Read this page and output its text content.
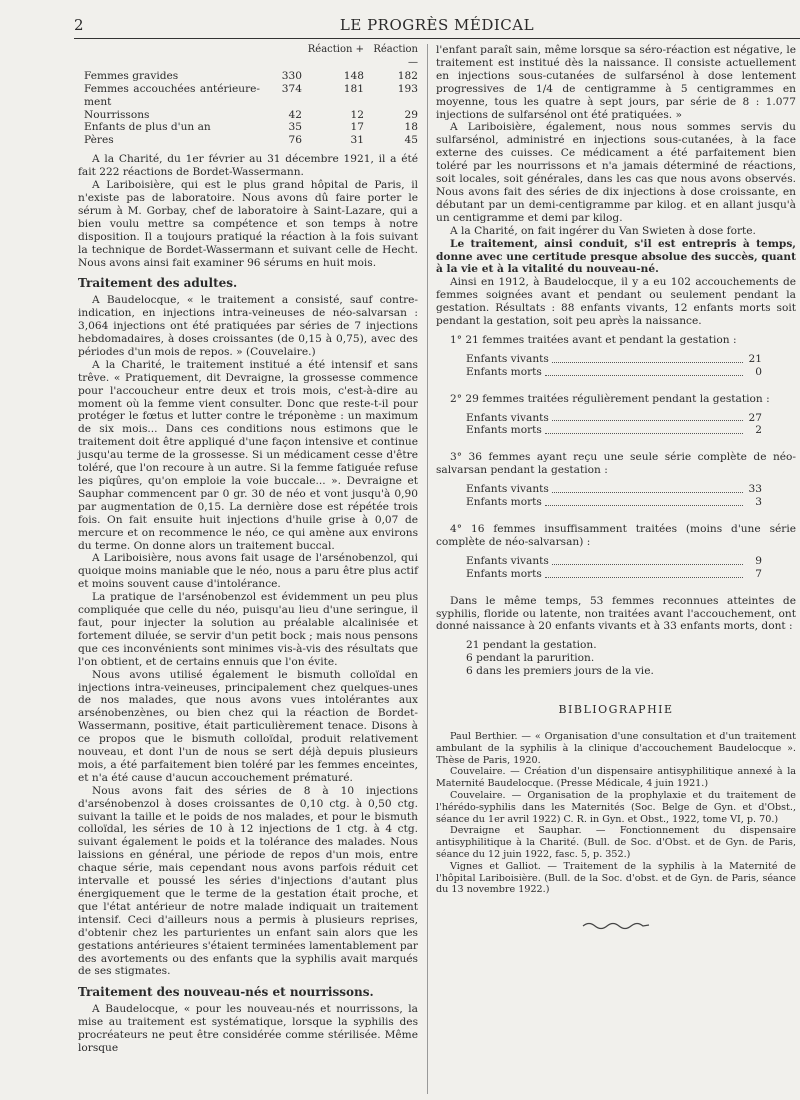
2	LE PROGRÈS MÉDICAL
		Réaction +	Réaction —
Femmes gravides	330	148	182
Femmes accouchées antérieure-ment	374	181	193
Nourrissons	42	12	29
Enfants de plus d'un an	35	17	18
Pères	76	31	45

A la Charité, du 1er février au 31 décembre 1921, il a été fait 222 réactions de Bordet-Wassermann.

A Lariboisière, qui est le plus grand hôpital de Paris, il n'existe pas de laboratoire. Nous avons dû faire porter le sérum à M. Gorbay, chef de laboratoire à Saint-Lazare, qui a bien voulu mettre sa compétence et son temps à notre disposition. Il a toujours pratiqué la réaction à la fois suivant la technique de Bordet-Wassermann et suivant celle de Hecht. Nous avons ainsi fait examiner 96 sérums en huit mois.

Traitement des adultes.

A Baudelocque, « le traitement a consisté, sauf contre-indication, en injections intra-veineuses de néo-salvarsan : 3,064 injections ont été pratiquées par séries de 7 injections hebdomadaires, à doses croissantes (de 0,15 à 0,75), avec des périodes d'un mois de repos. » (Couvelaire.)

A la Charité, le traitement institué a été intensif et sans trêve. « Pratiquement, dit Devraigne, la grossesse commence pour l'accoucheur entre deux et trois mois, c'est-à-dire au moment où la femme vient consulter. Donc que reste-t-il pour protéger le fœtus et lutter contre le tréponème : un maximum de six mois... Dans ces conditions nous estimons que le traitement doit être appliqué d'une façon intensive et continue jusqu'au terme de la grossesse. Si un médicament cesse d'être toléré, que l'on recoure à un autre. Si la femme fatiguée refuse les piqûres, qu'on emploie la voie buccale... ». Devraigne et Sauphar commencent par 0 gr. 30 de néo et vont jusqu'à 0,90 par augmentation de 0,15. La dernière dose est répétée trois fois. On fait ensuite huit injections d'huile grise à 0,07 de mercure et on recommence le néo, ce qui amène aux environs du terme. On donne alors un traitement buccal.

A Lariboisière, nous avons fait usage de l'arsénobenzol, qui quoique moins maniable que le néo, nous a paru être plus actif et moins souvent cause d'intolérance.

La pratique de l'arsénobenzol est évidemment un peu plus compliquée que celle du néo, puisqu'au lieu d'une seringue, il faut, pour injecter la solution au préalable alcalinisée et fortement diluée, se servir d'un petit bock ; mais nous pensons que ces inconvénients sont minimes vis-à-vis des résultats que l'on obtient, et de certains ennuis que l'on évite.

Nous avons utilisé également le bismuth colloïdal en injections intra-veineuses, principalement chez quelques-unes de nos malades, que nous avons vues intolérantes aux arsénobenzènes, ou bien chez qui la réaction de Bordet-Wassermann, positive, était particulièrement tenace. Disons à ce propos que le bismuth colloïdal, produit relativement nouveau, et dont l'un de nous se sert déjà depuis plusieurs mois, a été parfaitement bien toléré par les femmes enceintes, et n'a été cause d'aucun accouchement prématuré.

Nous avons fait des séries de 8 à 10 injections d'arsénobenzol à doses croissantes de 0,10 ctg. à 0,50 ctg. suivant la taille et le poids de nos malades, et pour le bismuth colloïdal, les séries de 10 à 12 injections de 1 ctg. à 4 ctg. suivant également le poids et la tolérance des malades. Nous laissions en général, une période de repos d'un mois, entre chaque série, mais cependant nous avons parfois réduit cet intervalle et poussé les séries d'injections d'autant plus énergiquement que le terme de la gestation était proche, et que l'état antérieur de notre malade indiquait un traitement intensif. Ceci d'ailleurs nous a permis à plusieurs reprises, d'obtenir chez les parturientes un enfant sain alors que les gestations antérieures s'étaient terminées lamentablement par des avortements ou des enfants que la syphilis avait marqués de ses stigmates.

Traitement des nouveau-nés et nourrissons.

A Baudelocque, « pour les nouveau-nés et nourrissons, la mise au traitement est systématique, lorsque la syphilis des procréateurs ne peut être considérée comme stérilisée. Même lorsque

l'enfant paraît sain, même lorsque sa séro-réaction est négative, le traitement est institué dès la naissance. Il consiste actuellement en injections sous-cutanées de sulfarsénol à dose lentement progressives de 1/4 de centigramme à 5 centigrammes en moyenne, tous les quatre à sept jours, par série de 8 : 1.077 injections de sulfarsénol ont été pratiquées. »

A Lariboisière, également, nous nous sommes servis du sulfarsénol, administré en injections sous-cutanées, à la face externe des cuisses. Ce médicament a été parfaitement bien toléré par les nourrissons et n'a jamais déterminé de réactions, soit locales, soit générales, dans les cas que nous avons observés. Nous avons fait des séries de dix injections à dose croissante, en débutant par un demi-centigramme par kilog. et en allant jusqu'à un centigramme et demi par kilog.

A la Charité, on fait ingérer du Van Swieten à dose forte.

Le traitement, ainsi conduit, s'il est entrepris à temps, donne avec une certitude presque absolue des succès, quant à la vie et à la vitalité du nouveau-né.

Ainsi en 1912, à Baudelocque, il y a eu 102 accouchements de femmes soignées avant et pendant ou seulement pendant la gestation. Résultats : 88 enfants vivants, 12 enfants morts soit pendant la gestation, soit peu après la naissance.

1° 21 femmes traitées avant et pendant la gestation :

Enfants vivants	21
Enfants morts	0

2° 29 femmes traitées régulièrement pendant la gestation :

Enfants vivants	27
Enfants morts	2

3° 36 femmes ayant reçu une seule série complète de néo-salvarsan pendant la gestation :

Enfants vivants	33
Enfants morts	3

4° 16 femmes insuffisamment traitées (moins d'une série complète de néo-salvarsan) :

Enfants vivants	9
Enfants morts	7

Dans le même temps, 53 femmes reconnues atteintes de syphilis, floride ou latente, non traitées avant l'accouchement, ont donné naissance à 20 enfants vivants et à 33 enfants morts, dont :

21 pendant la gestation.
6 pendant la parurition.
6 dans les premiers jours de la vie.
BIBLIOGRAPHIE

Paul Berthier. — « Organisation d'une consultation et d'un traitement ambulant de la syphilis à la clinique d'accouchement Baudelocque ». Thèse de Paris, 1920.

Couvelaire. — Création d'un dispensaire antisyphilitique annexé à la Maternité Baudelocque. (Presse Médicale, 4 juin 1921.)

Couvelaire. — Organisation de la prophylaxie et du traitement de l'hérédo-syphilis dans les Maternités (Soc. Belge de Gyn. et d'Obst., séance du 1er avril 1922) C. R. in Gyn. et Obst., 1922, tome VI, p. 70.)

Devraigne et Sauphar. — Fonctionnement du dispensaire antisyphilitique à la Charité. (Bull. de Soc. d'Obst. et de Gyn. de Paris, séance du 12 juin 1922, fasc. 5, p. 352.)

Vignes et Galliot. — Traitement de la syphilis à la Maternité de l'hôpital Lariboisière. (Bull. de la Soc. d'obst. et de Gyn. de Paris, séance du 13 novembre 1922.)
